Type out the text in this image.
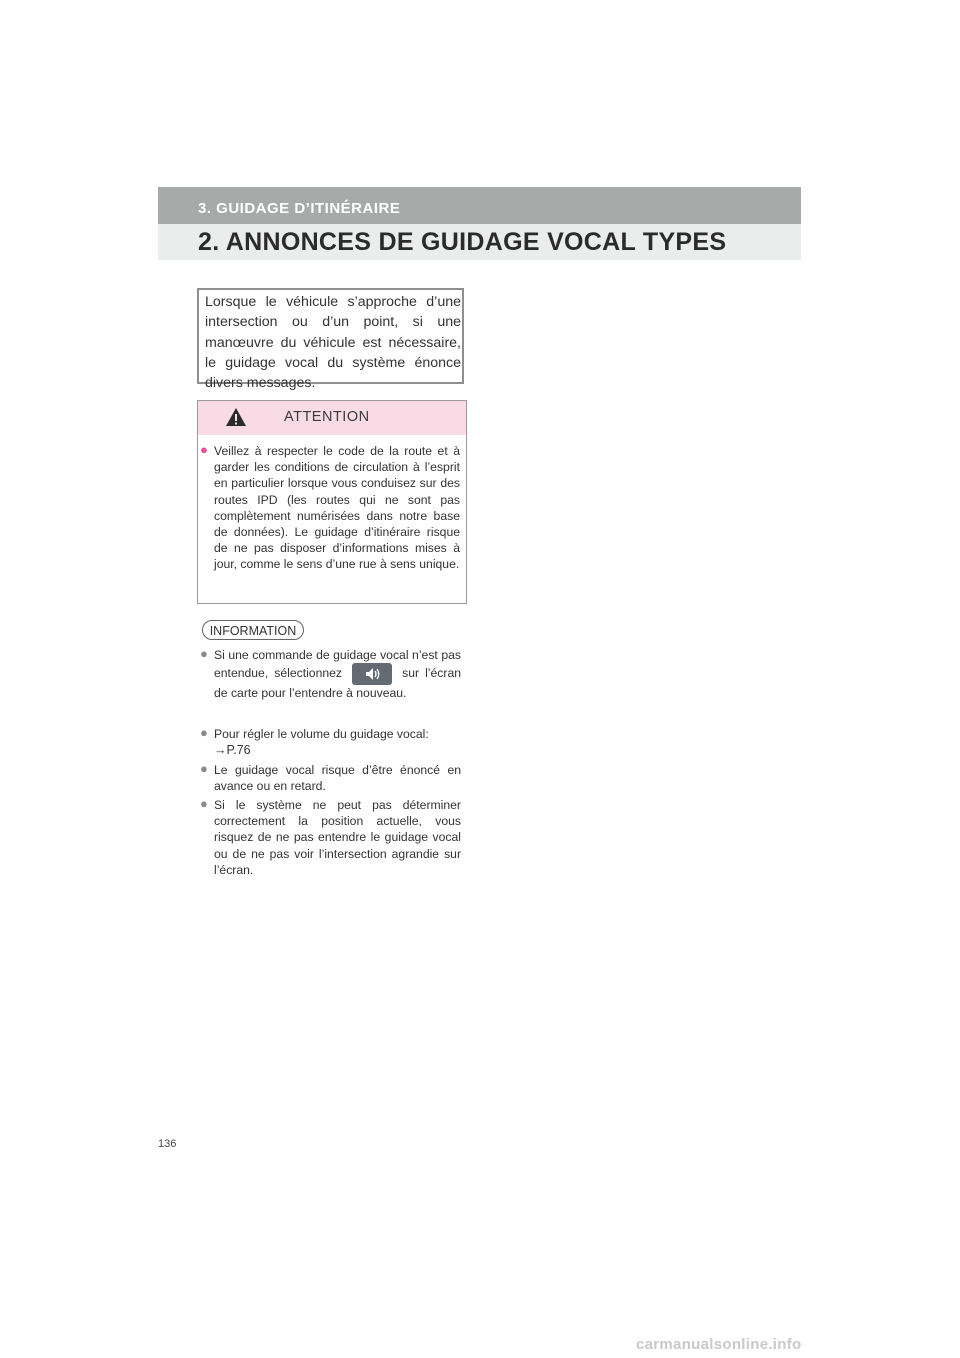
3. GUIDAGE D’ITINÉRAIRE
2. ANNONCES DE GUIDAGE VOCAL TYPES
Lorsque le véhicule s’approche d’une intersection ou d’un point, si une manœuvre du véhicule est nécessaire, le guidage vocal du système énonce divers messages.
ATTENTION
● Veillez à respecter le code de la route et à garder les conditions de circulation à l’esprit en particulier lorsque vous conduisez sur des routes IPD (les routes qui ne sont pas complètement numérisées dans notre base de données). Le guidage d’itinéraire risque de ne pas disposer d’informations mises à jour, comme le sens d’une rue à sens unique.
INFORMATION
● Si une commande de guidage vocal n’est pas entendue, sélectionnez	sur l’écran de carte pour l’entendre à nouveau.
● Pour régler le volume du guidage vocal:
→P.76
● Le guidage vocal risque d’être énoncé en avance ou en retard.
● Si le système ne peut pas déterminer correctement la position actuelle, vous risquez de ne pas entendre le guidage vocal ou de ne pas voir l’intersection agrandie sur l’écran.
136
carmanualsonline.info
